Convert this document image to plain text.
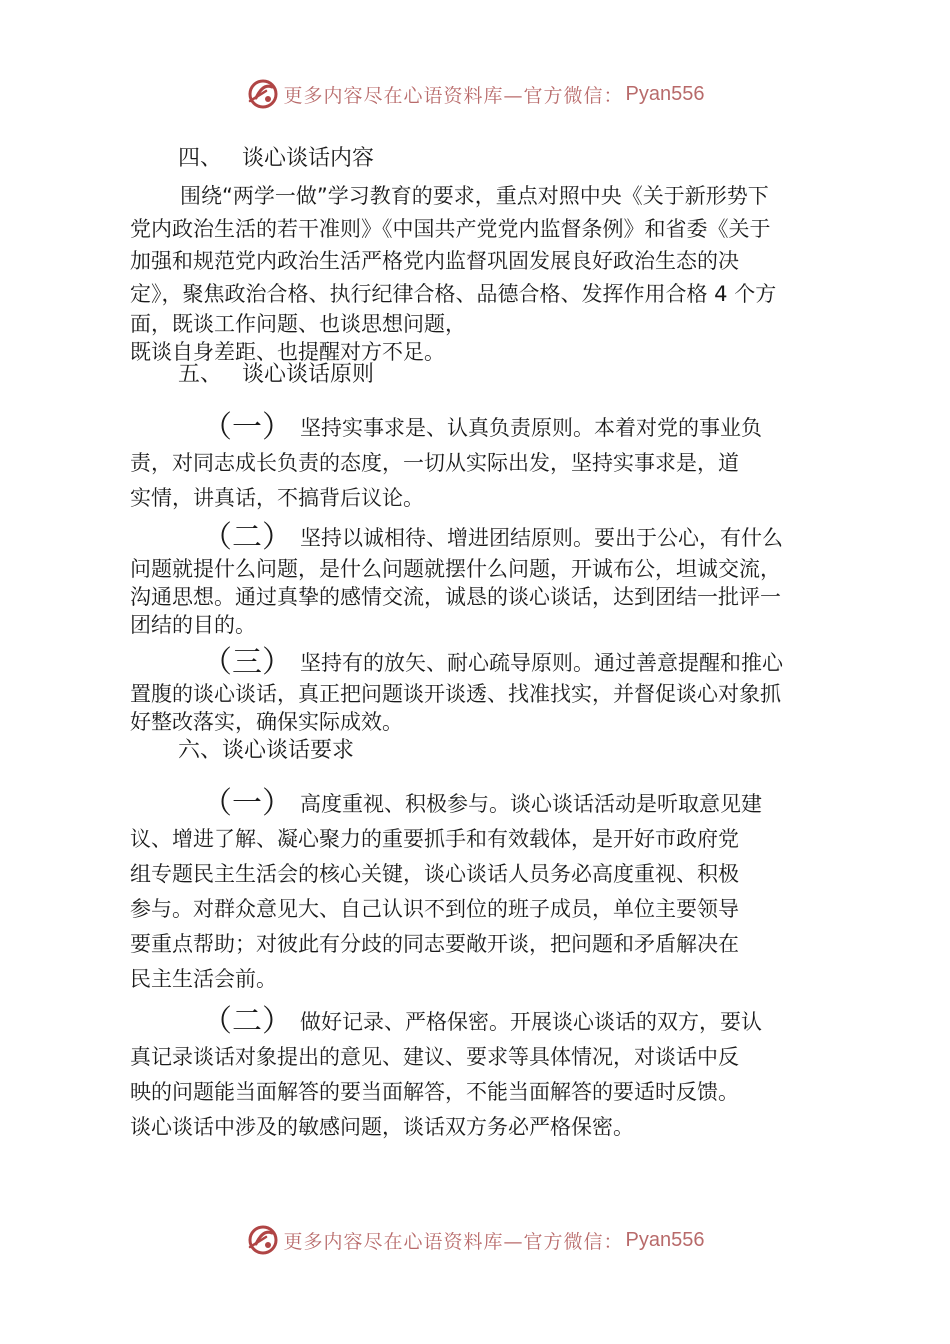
更多内容尽在心语资料库—官方微信： Pyan556
四、 谈心谈话内容
围绕“两学一做”学习教育的要求，重点对照中央《关于新形势下
党内政治生活的若干准则》《中国共产党党内监督条例》和省委《关于
加强和规范党内政治生活严格党内监督巩固发展良好政治生态的决
定》，聚焦政治合格、执行纪律合格、品德合格、发挥作用合格 4 个方
面，既谈工作问题、也谈思想问题，
既谈自身差距、也提醒对方不足。
五、 谈心谈话原则
（一） 坚持实事求是、认真负责原则。本着对党的事业负
责，对同志成长负责的态度，一切从实际出发，坚持实事求是，道
实情，讲真话，不搞背后议论。
（二） 坚持以诚相待、增进团结原则。要出于公心，有什么
问题就提什么问题，是什么问题就摆什么问题，开诚布公，坦诚交流，
沟通思想。通过真挚的感情交流，诚恳的谈心谈话，达到团结一批评一
团结的目的。
（三） 坚持有的放矢、耐心疏导原则。通过善意提醒和推心
置腹的谈心谈话，真正把问题谈开谈透、找准找实，并督促谈心对象抓
好整改落实，确保实际成效。
六、谈心谈话要求
（一） 高度重视、积极参与。谈心谈话活动是听取意见建
议、增进了解、凝心聚力的重要抓手和有效载体，是开好市政府党
组专题民主生活会的核心关键，谈心谈话人员务必高度重视、积极
参与。对群众意见大、自己认识不到位的班子成员，单位主要领导
要重点帮助；对彼此有分歧的同志要敞开谈，把问题和矛盾解决在
民主生活会前。
（二） 做好记录、严格保密。开展谈心谈话的双方，要认
真记录谈话对象提出的意见、建议、要求等具体情况，对谈话中反
映的问题能当面解答的要当面解答，不能当面解答的要适时反馈。
谈心谈话中涉及的敏感问题，谈话双方务必严格保密。
更多内容尽在心语资料库—官方微信： Pyan556
